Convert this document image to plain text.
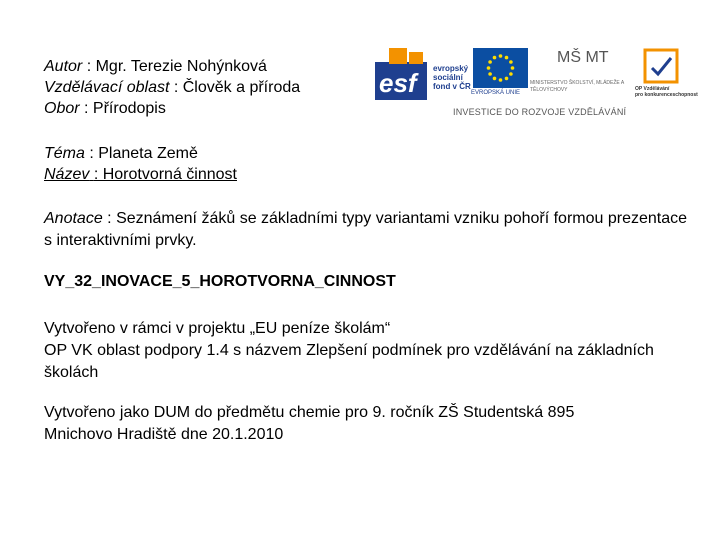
Autor : Mgr. Terezie Nohýnková
Vzdělávací oblast : Člověk a příroda
Obor : Přírodopis
esf evropský sociální fond v ČR
EVROPSKÁ UNIE
MŠ MT
MINISTERSTVO ŠKOLSTVÍ, MLÁDEŽE A TĚLOVÝCHOVY	OP Vzdělávání
pro konkurenceschopnost
INVESTICE DO ROZVOJE VZDĚLÁVÁNÍ
Téma : Planeta Země
Název : Horotvorná činnost
Anotace : Seznámení žáků se základními typy variantami vzniku pohoří formou prezentace s interaktivními prvky.
VY_32_INOVACE_5_HOROTVORNA_CINNOST
Vytvořeno v rámci v projektu „EU peníze školám“
OP VK oblast podpory 1.4 s názvem Zlepšení podmínek pro vzdělávání na základních školách
Vytvořeno jako DUM do předmětu chemie pro 9. ročník ZŠ Studentská 895
Mnichovo Hradiště dne 20.1.2010
